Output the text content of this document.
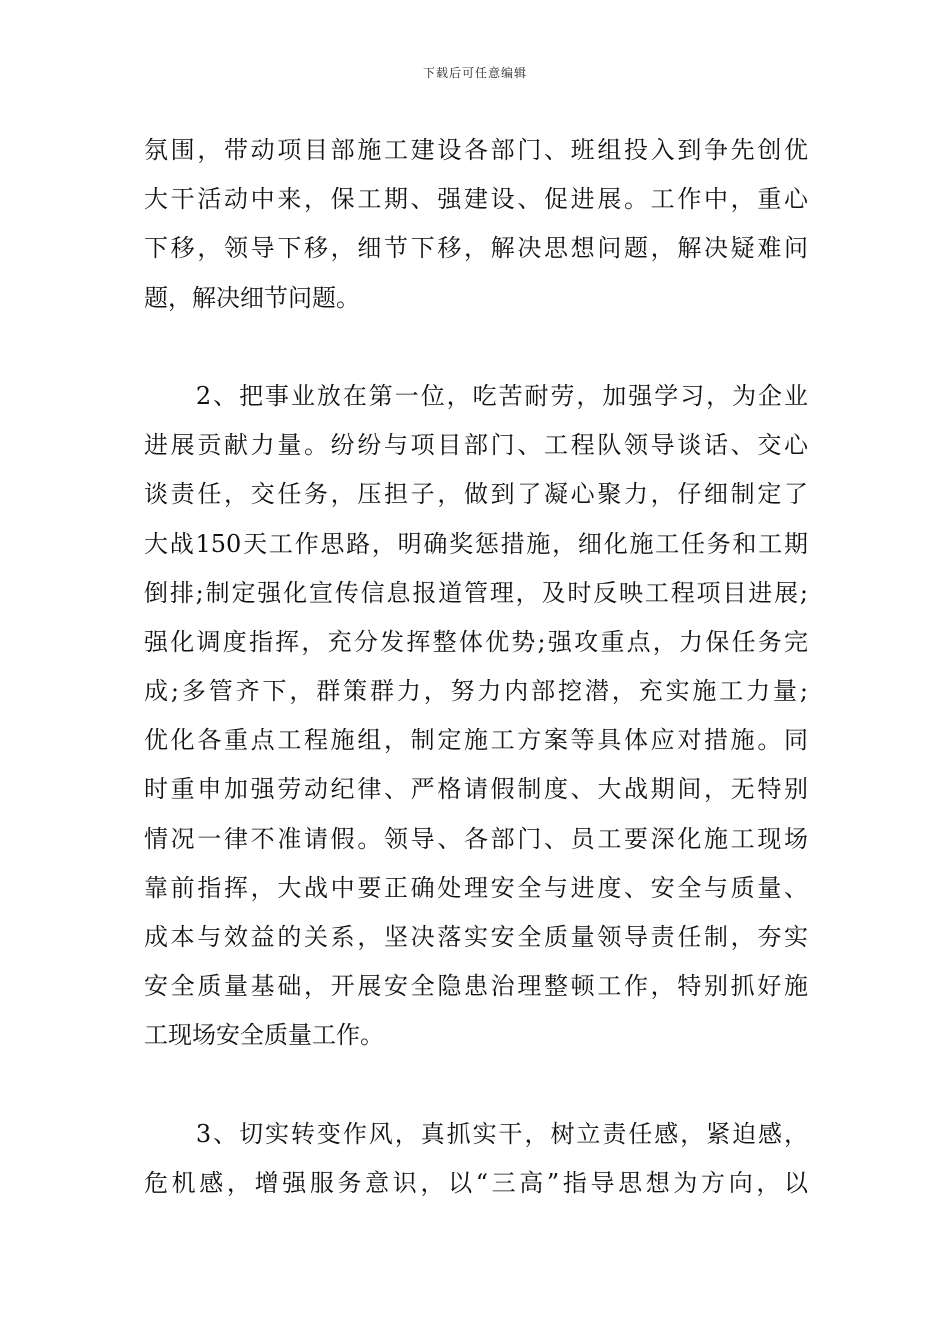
下载后可任意编辑
氛围，带动项目部施工建设各部门、班组投入到争先创优
大干活动中来，保工期、强建设、促进展。工作中，重心
下移，领导下移，细节下移，解决思想问题，解决疑难问
题，解决细节问题。
　　2、把事业放在第一位，吃苦耐劳，加强学习，为企业
进展贡献力量。纷纷与项目部门、工程队领导谈话、交心
谈责任，交任务，压担子，做到了凝心聚力，仔细制定了
大战150天工作思路，明确奖惩措施，细化施工任务和工期
倒排;制定强化宣传信息报道管理，及时反映工程项目进展;
强化调度指挥，充分发挥整体优势;强攻重点，力保任务完
成;多管齐下，群策群力，努力内部挖潜，充实施工力量;
优化各重点工程施组，制定施工方案等具体应对措施。同
时重申加强劳动纪律、严格请假制度、大战期间，无特别
情况一律不准请假。领导、各部门、员工要深化施工现场
靠前指挥，大战中要正确处理安全与进度、安全与质量、
成本与效益的关系，坚决落实安全质量领导责任制，夯实
安全质量基础，开展安全隐患治理整顿工作，特别抓好施
工现场安全质量工作。
　　3、切实转变作风，真抓实干，树立责任感，紧迫感，
危机感，增强服务意识，以“三高”指导思想为方向，以
